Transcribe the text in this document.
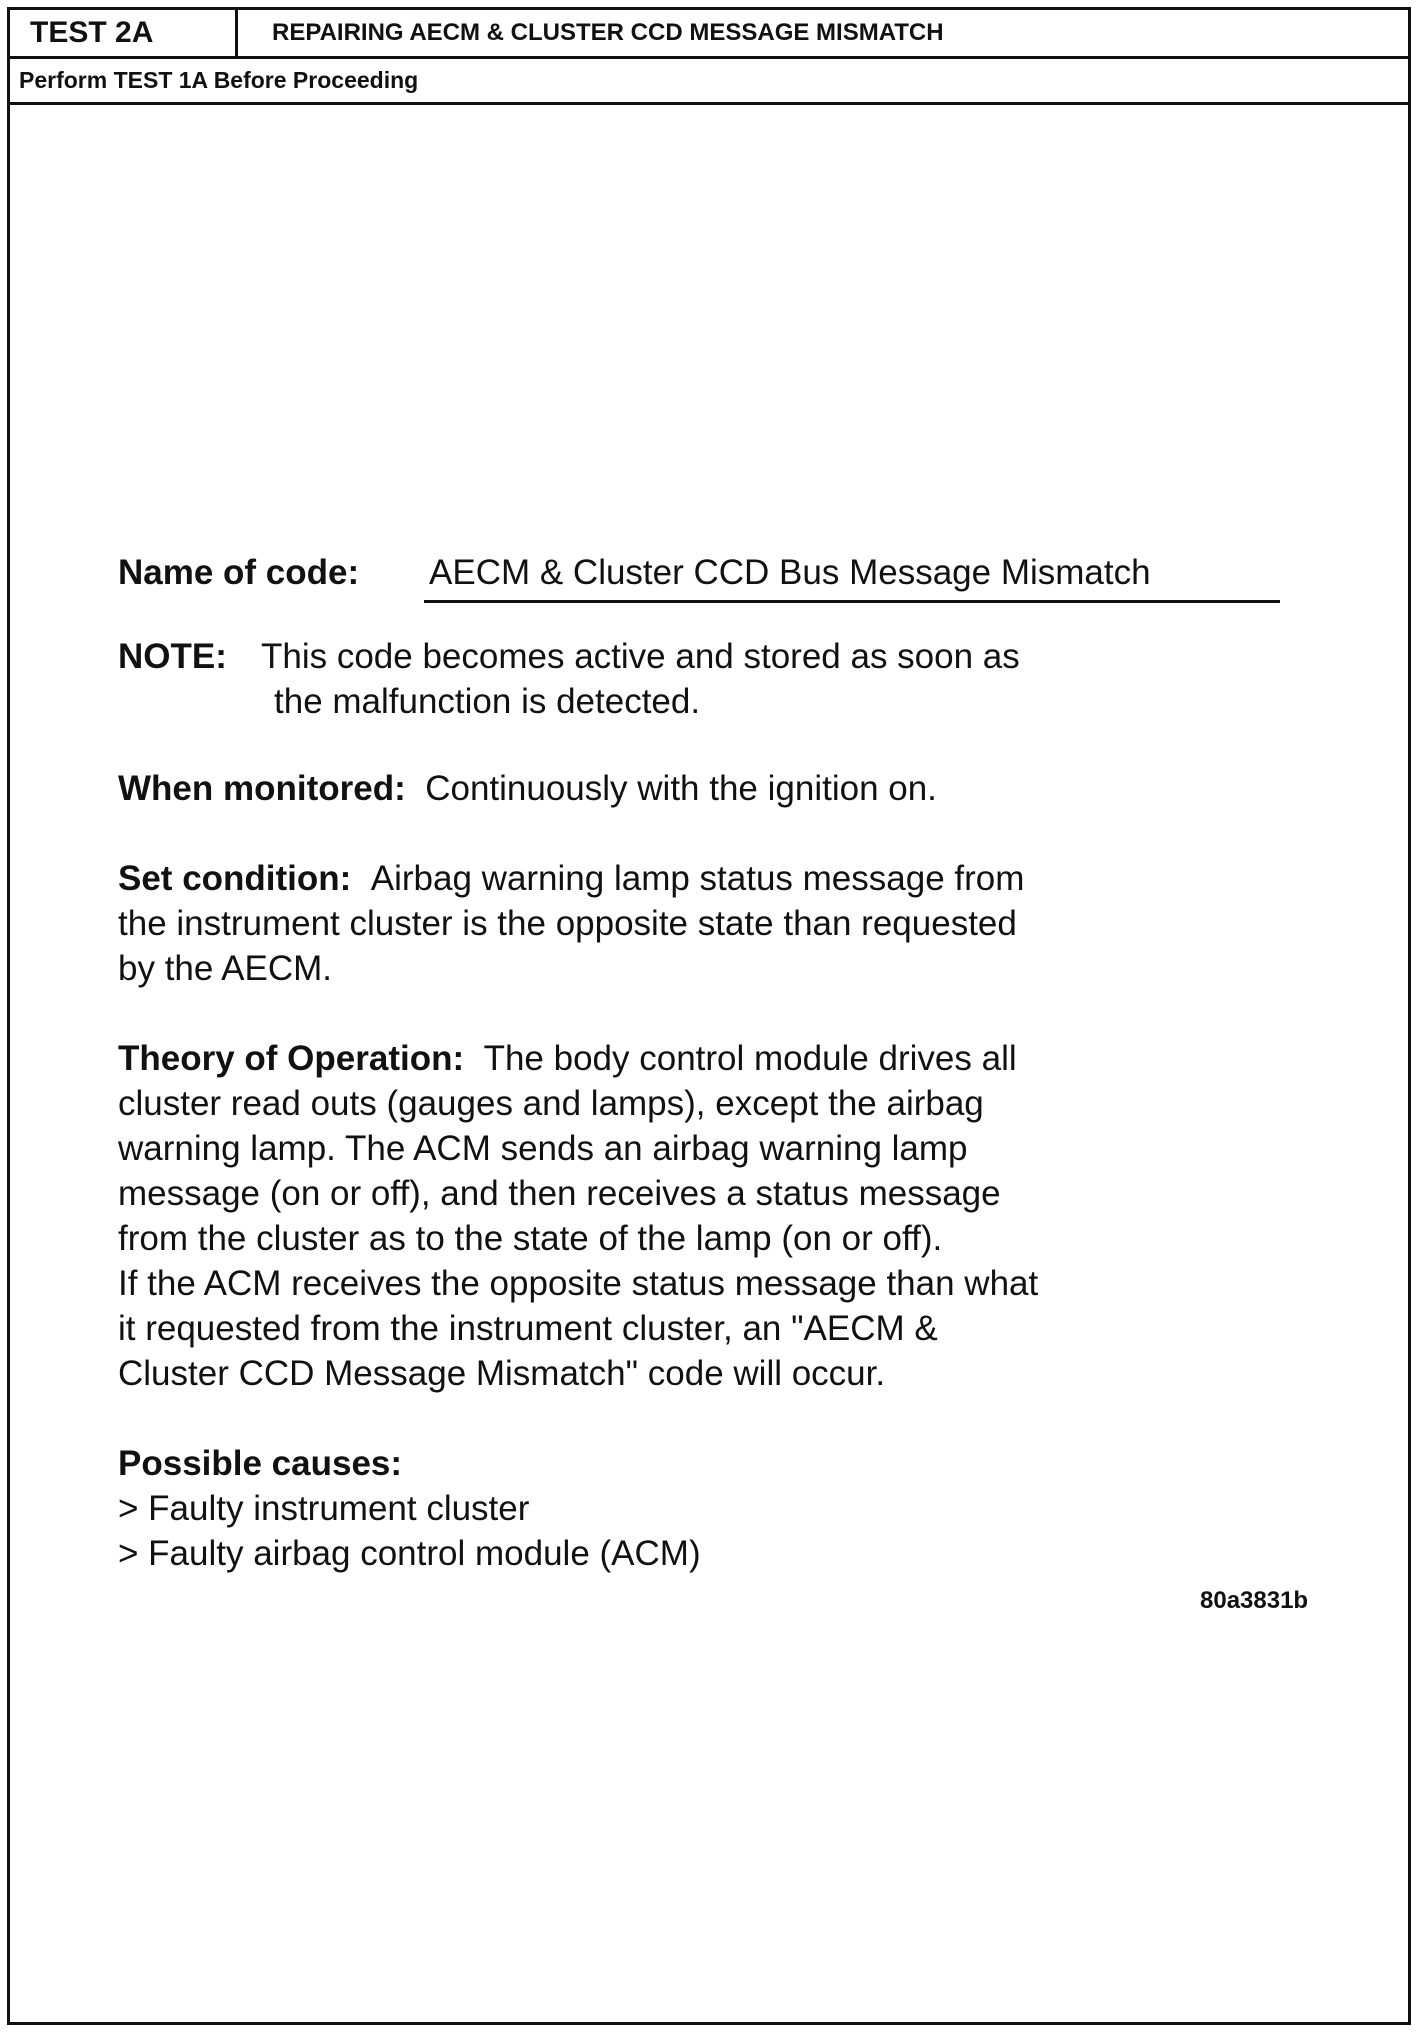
TEST 2A	REPAIRING AECM & CLUSTER CCD MESSAGE MISMATCH
Perform TEST 1A Before Proceeding
Name of code: AECM & Cluster CCD Bus Message Mismatch
NOTE: This code becomes active and stored as soon as
the malfunction is detected.

When monitored: Continuously with the ignition on.

Set condition: Airbag warning lamp status message from
the instrument cluster is the opposite state than requested
by the AECM.

Theory of Operation: The body control module drives all
cluster read outs (gauges and lamps), except the airbag
warning lamp. The ACM sends an airbag warning lamp
message (on or off), and then receives a status message
from the cluster as to the state of the lamp (on or off).
If the ACM receives the opposite status message than what
it requested from the instrument cluster, an "AECM &
Cluster CCD Message Mismatch" code will occur.

Possible causes:
> Faulty instrument cluster
> Faulty airbag control module (ACM)

80a3831b
